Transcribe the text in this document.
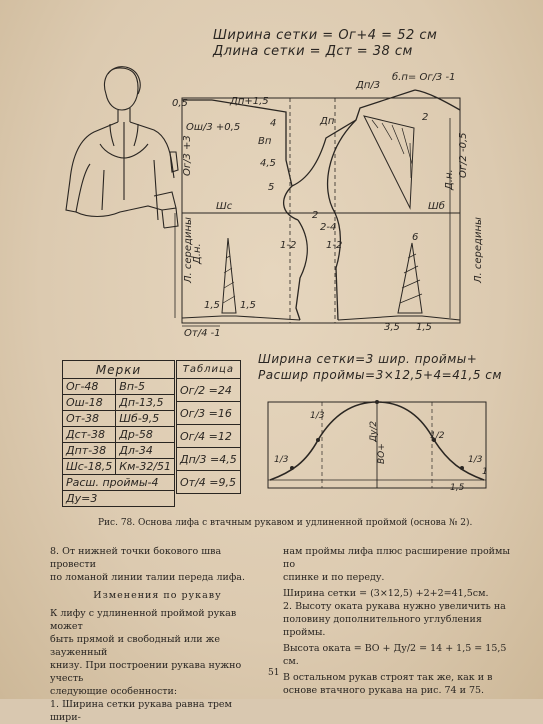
Ширина сетки = Ог+4 = 52 см
Длина сетки = Дст = 38 см
0,5	Дп+1,5
Ош/3 +0,5
Ог/3 +3	Вп
4,5
5
4
Шс	Шб
Дп/3
б.п= Ог/3 -1
Дп
Ог/2 -0,5
Д.н.
Л. середины	Л. середины
Д.н.
1,5 1,5
1,5
3,5
6
2
2
2-4
1-2	1-2
От/4 -1
Мерки	
Ог-48	Вп-5
Ош-18	Дп-13,5
От-38	Шб-9,5
Дст-38	Др-58
Дпт-38	Дл-34
Шс-18,5	Км-32/51
Расш. проймы-4	
Ду=3	
Таблица
Ог/2 =24
Ог/3 =16
Ог/4 =12
Дп/3 =4,5
От/4 =9,5
Ширина сетки=3 шир. проймы+
Расшир проймы=3×12,5+4=41,5 см
1/3
1/3
1/2
1/3
Ду/2
ВО+
1,5
1
Рис. 78. Основа лифа с втачным рукавом и удлиненной проймой (основа № 2).

8. От нижней точки бокового шва провести

по ломаной линии талии переда лифа.

Изменения по рукаву

К лифу с удлиненной проймой рукав может

быть прямой и свободный или же зауженный

книзу. При построении рукава нужно учесть

следующие особенности:

1. Ширина сетки рукава равна трем шири-

нам проймы лифа плюс расширение проймы по

спинке и по переду.

Ширина сетки = (3×12,5) +2+2=41,5см.

2. Высоту оката рукава нужно увеличить на

половину дополнительного углубления проймы.

Высота оката = ВО + Ду/2 = 14 + 1,5 = 15,5 см.

В остальном рукав строят так же, как и в

основе втачного рукава на рис. 74 и 75.

51
